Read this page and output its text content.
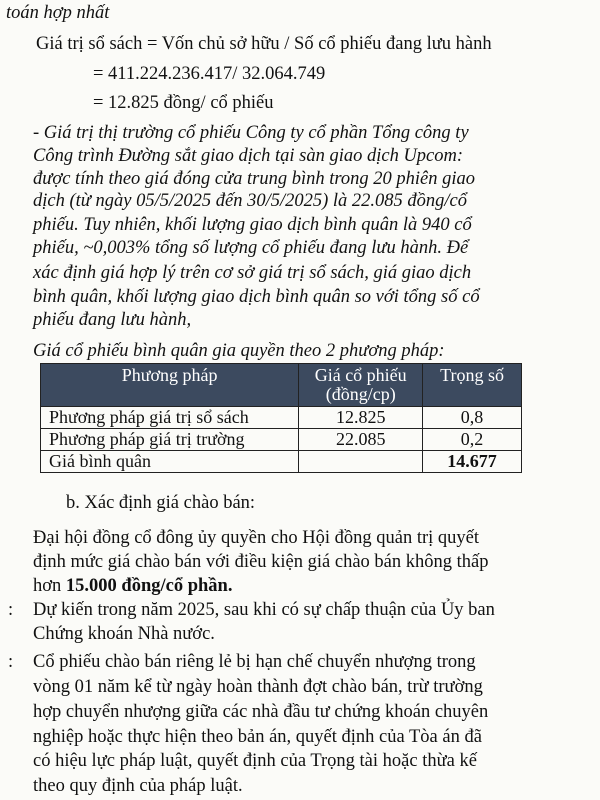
toán hợp nhất
Giá trị sổ sách = Vốn chủ sở hữu / Số cổ phiếu đang lưu hành
= 411.224.236.417/ 32.064.749
= 12.825 đồng/ cổ phiếu
- Giá trị thị trường cổ phiếu Công ty cổ phần Tổng công ty
Công trình Đường sắt giao dịch tại sàn giao dịch Upcom:
được tính theo giá đóng cửa trung bình trong 20 phiên giao
dịch (từ ngày 05/5/2025 đến 30/5/2025) là 22.085 đồng/cổ
phiếu. Tuy nhiên, khối lượng giao dịch bình quân là 940 cổ
phiếu, ~0,003% tổng số lượng cổ phiếu đang lưu hành. Để
xác định giá hợp lý trên cơ sở giá trị sổ sách, giá giao dịch
bình quân, khối lượng giao dịch bình quân so với tổng số cổ
phiếu đang lưu hành,
Giá cổ phiếu bình quân gia quyền theo 2 phương pháp:
Phương pháp	Giá cổ phiếu (đồng/cp)	Trọng số
Phương pháp giá trị sổ sách	12.825	0,8
Phương pháp giá trị trường	22.085	0,2
Giá bình quân		14.677
b. Xác định giá chào bán:
Đại hội đồng cổ đông ủy quyền cho Hội đồng quản trị quyết
định mức giá chào bán với điều kiện giá chào bán không thấp
hơn 15.000 đồng/cổ phần.
: Dự kiến trong năm 2025, sau khi có sự chấp thuận của Ủy ban
Chứng khoán Nhà nước.
: Cổ phiếu chào bán riêng lẻ bị hạn chế chuyển nhượng trong
vòng 01 năm kể từ ngày hoàn thành đợt chào bán, trừ trường
hợp chuyển nhượng giữa các nhà đầu tư chứng khoán chuyên
nghiệp hoặc thực hiện theo bản án, quyết định của Tòa án đã
có hiệu lực pháp luật, quyết định của Trọng tài hoặc thừa kế
theo quy định của pháp luật.
